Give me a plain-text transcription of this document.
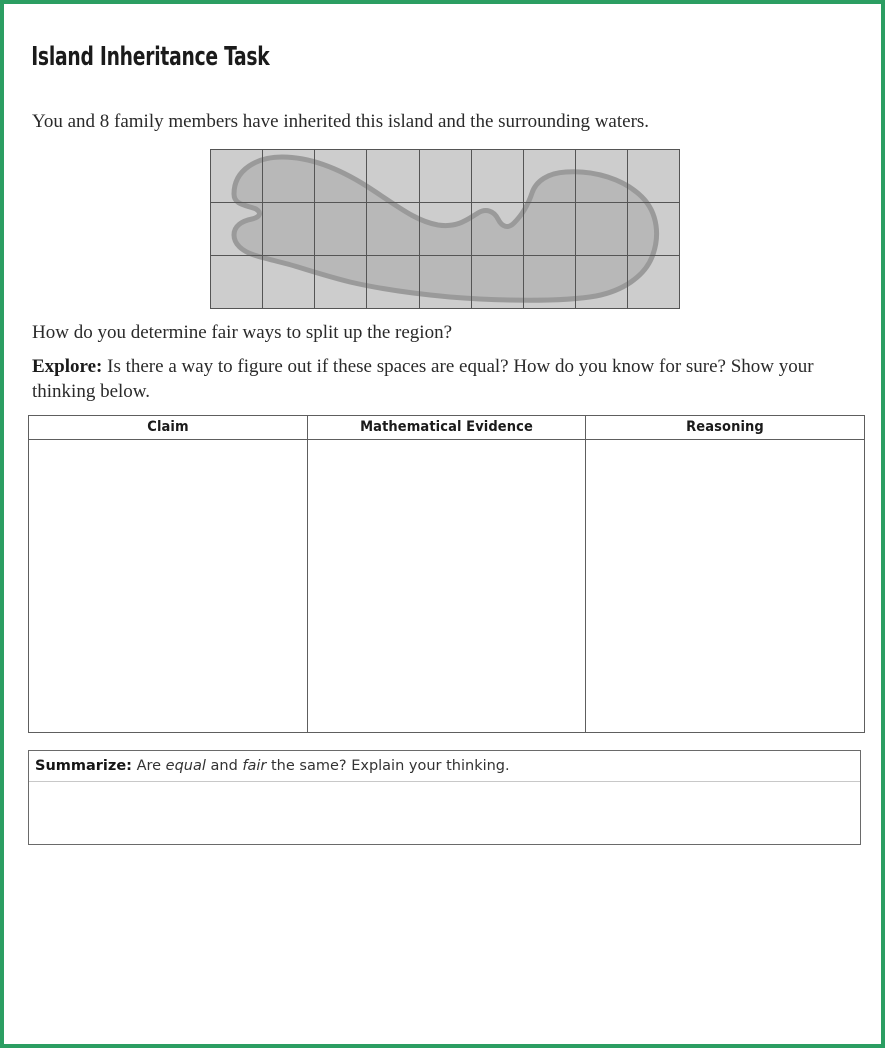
Island Inheritance Task

You and 8 family members have inherited this island and the surrounding waters.

How do you determine fair ways to split up the region?

Explore: Is there a way to figure out if these spaces are equal? How do you know for sure? Show your thinking below.

Claim	Mathematical Evidence	Reasoning

Summarize: Are equal and fair the same? Explain your thinking.
